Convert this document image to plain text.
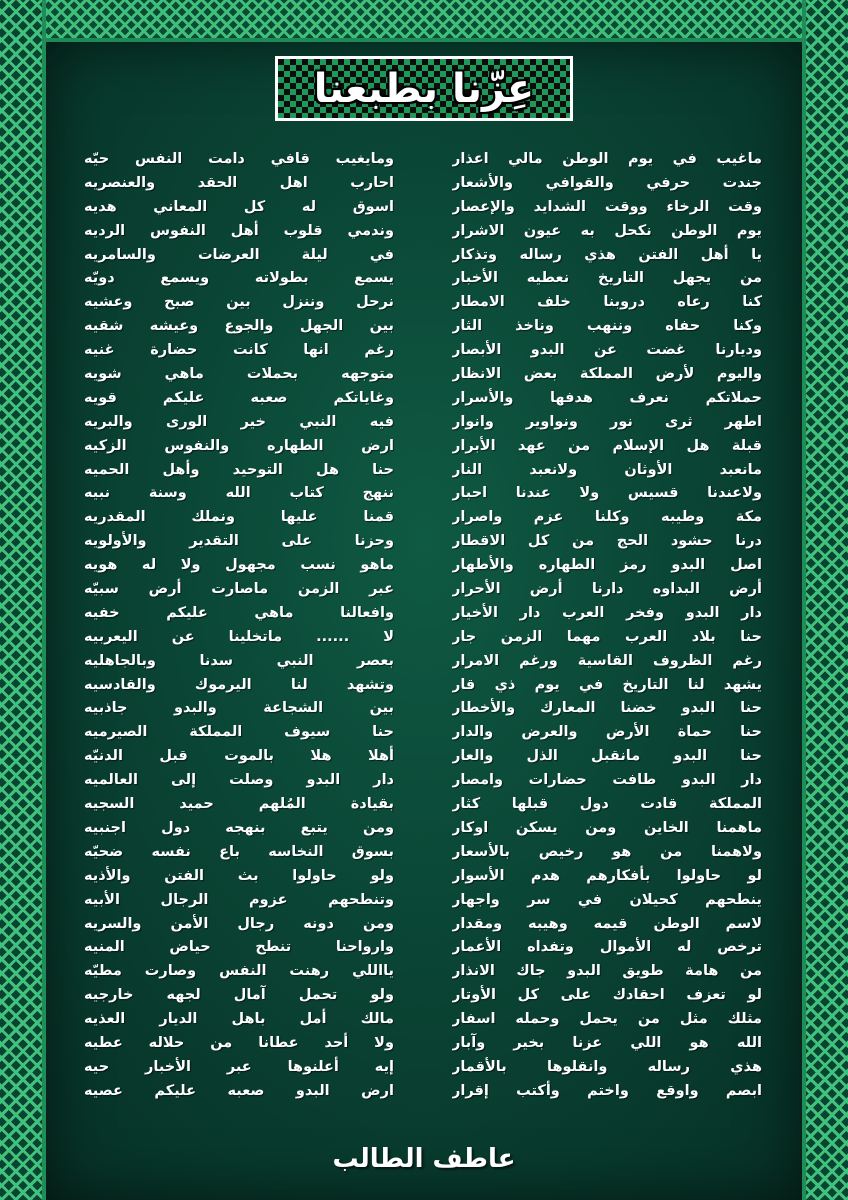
عِزّنا بطبعنا
ماغيب في يوم الوطن مالي اعذار
جندت حرفي والقوافي والأشعار
وقت الرخاء ووقت الشدايد والإعصار
يوم الوطن نكحل به عيون الاشرار
يا أهل الفتن هذي رساله وتذكار
من يجهل التاريخ نعطيه الأخبار
كنا رعاه دروبنا خلف الامطار
وكنا حفاه وننهب وناخذ الثار
وديارنا غضت عن البدو الأبصار
واليوم لأرض المملكة بعض الانظار
حملاتكم نعرف هدفها والأسرار
اطهر ثرى نور ونواوير وانوار
قبلة هل الإسلام من عهد الأبرار
مانعبد الأوثان ولانعبد النار
ولاعندنا قسيس ولا عندنا احبار
مكة وطيبه وكلنا عزم واصرار
درنا حشود الحج من كل الاقطار
اصل البدو رمز الطهاره والأطهار
أرض البداوه دارنا أرض الأحرار
دار البدو وفخر العرب دار الأخيار
حنا بلاد العرب مهما الزمن جار
رغم الظروف القاسية ورغم الامرار
يشهد لنا التاريخ في يوم ذي قار
حنا البدو خضنا المعارك والأخطار
حنا حماة الأرض والعرض والدار
حنا البدو مانقبل الذل والعار
دار البدو طافت حضارات وامصار
المملكة قادت دول قبلها كثار
ماهمنا الخاين ومن يسكن اوكار
ولاهمنا من هو رخيص بالأسعار
لو حاولوا بأفكارهم هدم الأسوار
ينطحهم كحيلان في سر واجهار
لاسم الوطن قيمه وهيبه ومقدار
ترخص له الأموال وتفداه الأعمار
من هامة طويق البدو جاك الانذار
لو تعزف احقادك على كل الأوتار
مثلك مثل من يحمل وحمله اسفار
الله هو اللي عزنا بخير وآبار
هذي رساله وانقلوها بالأقمار
ابصم واوقع واختم وأكتب إقرار
ومايغيب قافي دامت النفس حيّه
احارب اهل الحقد والعنصريه
اسوق له كل المعاني هديه
وندمي قلوب أهل النفوس الرديه
في ليلة العرضات والسامريه
يسمع بطولاته ويسمع دويّه
نرحل وننزل بين صبح وعشيه
بين الجهل والجوع وعيشه شقيه
رغم انها كانت حضارة غنيه
متوجهه بحملات ماهي شويه
وغاياتكم صعبه عليكم قويه
فيه النبي خير الورى والبريه
ارض الطهاره والنفوس الزكيه
حنا هل التوحيد وأهل الحميه
ننهج كتاب الله وسنة نبيه
قمنا عليها ونملك المقدريه
وحزنا على التقدير والأولويه
ماهو نسب مجهول ولا له هويه
عبر الزمن ماصارت أرض سبيّه
وافعالنا ماهي عليكم خفيه
لا ...... ماتخلينا عن اليعربيه
بعصر النبي سدنا وبالجاهليه
وتشهد لنا اليرموك والقادسيه
بين الشجاعة والبدو جاذبيه
حنا سيوف المملكة الصيرميه
أهلا هلا بالموت قبل الدنيّه
دار البدو وصلت إلى العالميه
بقيادة المُلهم حميد السجيه
ومن يتبع بنهجه دول اجنبيه
بسوق النخاسه باع نفسه ضحيّه
ولو حاولوا بث الفتن والأذيه
وتنطحهم عزوم الرجال الأبيه
ومن دونه رجال الأمن والسريه
وارواحنا تنطح حياض المنيه
يااللي رهنت النفس وصارت مطيّه
ولو تحمل آمال لجهه خارجيه
مالك أمل باهل الديار العذيه
ولا أحد عطانا من حلاله عطيه
إيه أعلنوها عبر الأخبار حيه
ارض البدو صعبه عليكم عصيه
عاطف الطالب
